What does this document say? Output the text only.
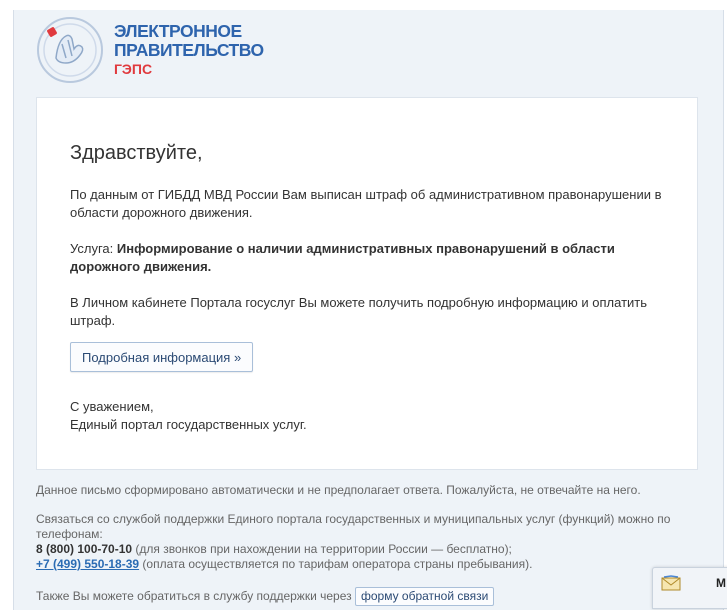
ЭЛЕКТРОННОЕ
ПРАВИТЕЛЬСТВО
ГЭПС
Здравствуйте,

По данным от ГИБДД МВД России Вам выписан штраф об административном правонарушении в области дорожного движения.

Услуга: Информирование о наличии административных правонарушений в области дорожного движения.

В Личном кабинете Портала госуслуг Вы можете получить подробную информацию и оплатить штраф.

Подробная информация »

С уважением,
Единый портал государственных услуг.

Данное письмо сформировано автоматически и не предполагает ответа. Пожалуйста, не отвечайте на него.

Связаться со службой поддержки Единого портала государственных и муниципальных услуг (функций) можно по телефонам:
8 (800) 100-70-10 (для звонков при нахождении на территории России — бесплатно);
+7 (499) 550-18-39 (оплата осуществляется по тарифам оператора страны пребывания).

Также Вы можете обратиться в службу поддержки через форму обратной связи

М
